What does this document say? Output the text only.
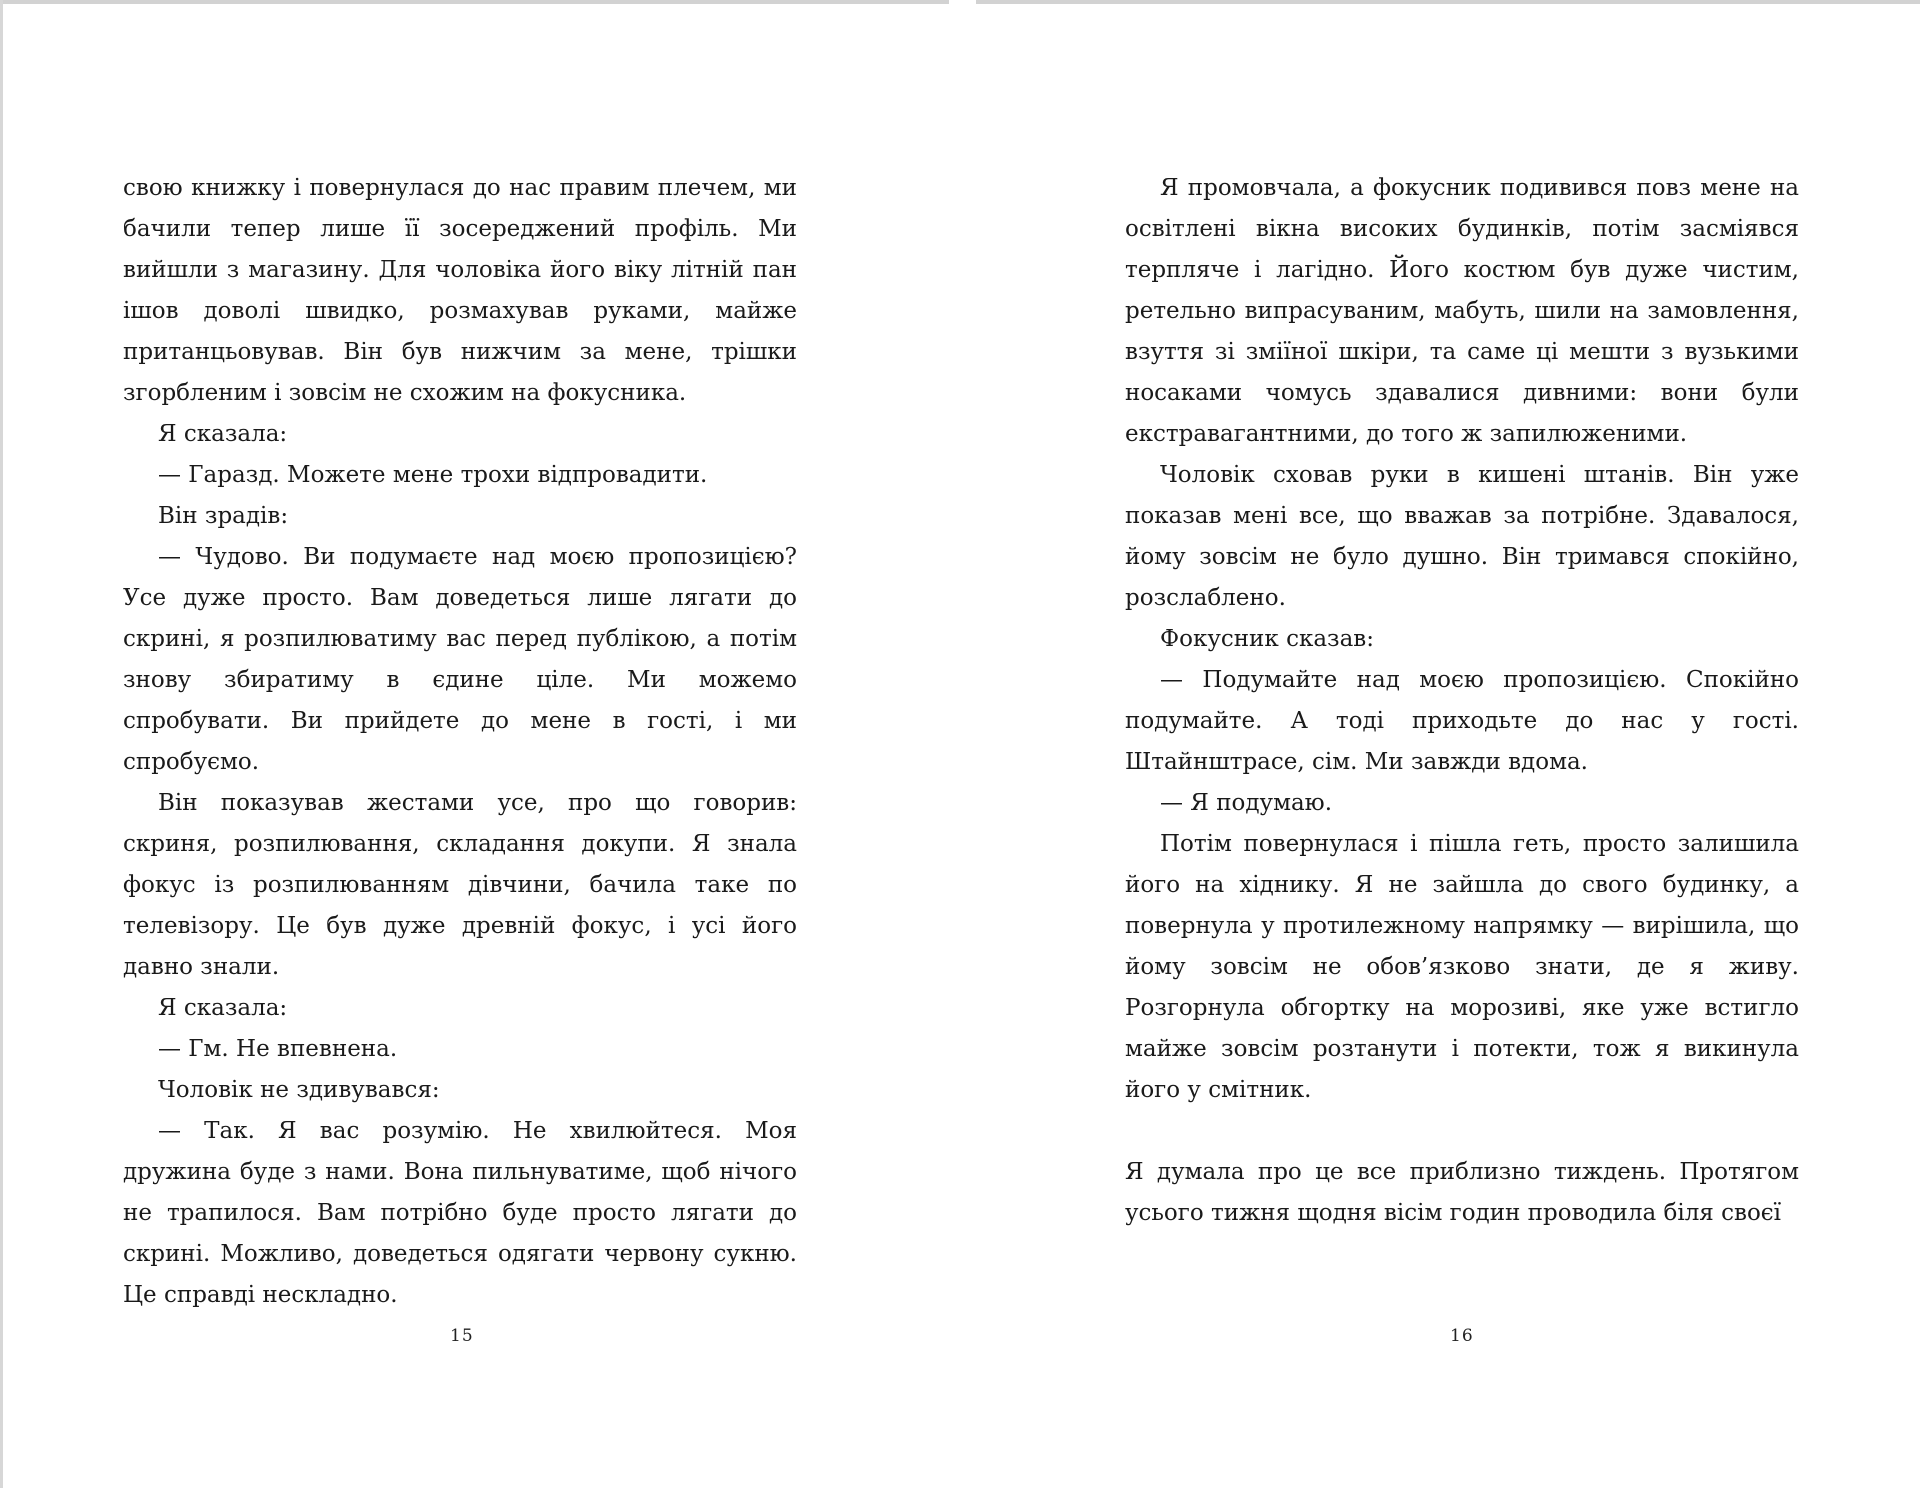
свою книжку і повернулася до нас правим плечем, ми бачили тепер лише її зосереджений профіль. Ми вийшли з магазину. Для чоловіка його віку літній пан ішов доволі швидко, розмахував руками, майже пританцьовував. Він був нижчим за мене, трішки згорбленим і зовсім не схожим на фокусника.

Я сказала:

— Гаразд. Можете мене трохи відпровадити.

Він зрадів:

— Чудово. Ви подумаєте над моєю пропозицією? Усе дуже просто. Вам доведеться лише лягати до скрині, я розпилюватиму вас перед публікою, а потім знову збиратиму в єдине ціле. Ми можемо спробувати. Ви прийдете до мене в гості, і ми спробуємо.

Він показував жестами усе, про що говорив: скриня, розпилювання, складання докупи. Я знала фокус із розпилюванням дівчини, бачила таке по телевізору. Це був дуже древній фокус, і усі його давно знали.

Я сказала:

— Гм. Не впевнена.

Чоловік не здивувався:

— Так. Я вас розумію. Не хвилюйтеся. Моя дружина буде з нами. Вона пильнуватиме, щоб нічого не трапилося. Вам потрібно буде просто лягати до скрині. Можливо, доведеться одягати червону сукню. Це справді нескладно.

15

Я промовчала, а фокусник подивився повз мене на освітлені вікна високих будинків, потім засміявся терпляче і лагідно. Його костюм був дуже чистим, ретельно випрасуваним, мабуть, шили на замовлення, взуття зі зміїної шкіри, та саме ці мешти з вузькими носаками чомусь здавалися дивними: вони були екстравагантними, до того ж запилюженими.

Чоловік сховав руки в кишені штанів. Він уже показав мені все, що вважав за потрібне. Здавалося, йому зовсім не було душно. Він тримався спокійно, розслаблено.

Фокусник сказав:

— Подумайте над моєю пропозицією. Спокійно подумайте. А тоді приходьте до нас у гості. Штайнштрасе, сім. Ми завжди вдома.

— Я подумаю.

Потім повернулася і пішла геть, просто залишила його на хіднику. Я не зайшла до свого будинку, а повернула у протилежному напрямку — вирішила, що йому зовсім не обов’язково знати, де я живу. Розгорнула обгортку на морозиві, яке уже встигло майже зовсім розтанути і потекти, тож я викинула його у смітник.

Я думала про це все приблизно тиждень. Протягом усього тижня щодня вісім годин проводила біля своєї

16
